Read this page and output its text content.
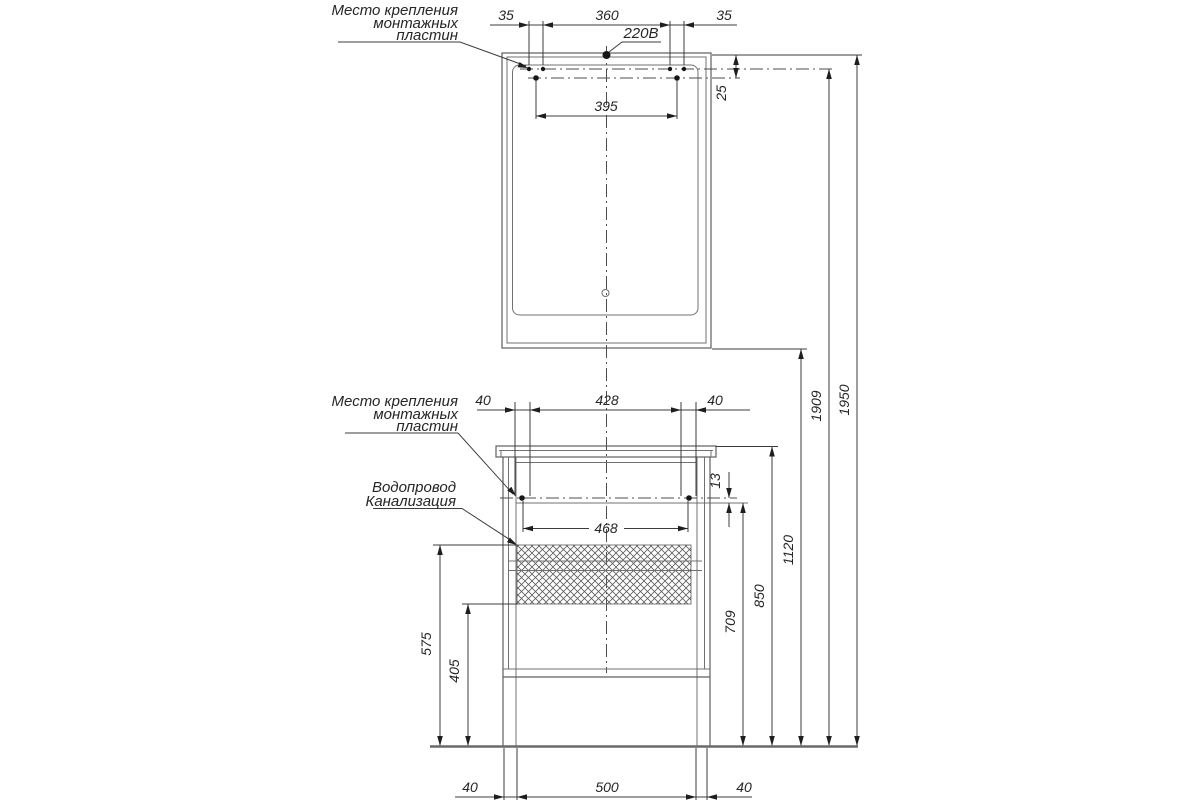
35	360	35
220В
Место крепления
монтажных
пластин
395
25
Место крепления
монтажных
пластин
Водопровод
Канализация
40	428	40
468
13
709
850
1120
1909 1950
575
405
40	500	40
